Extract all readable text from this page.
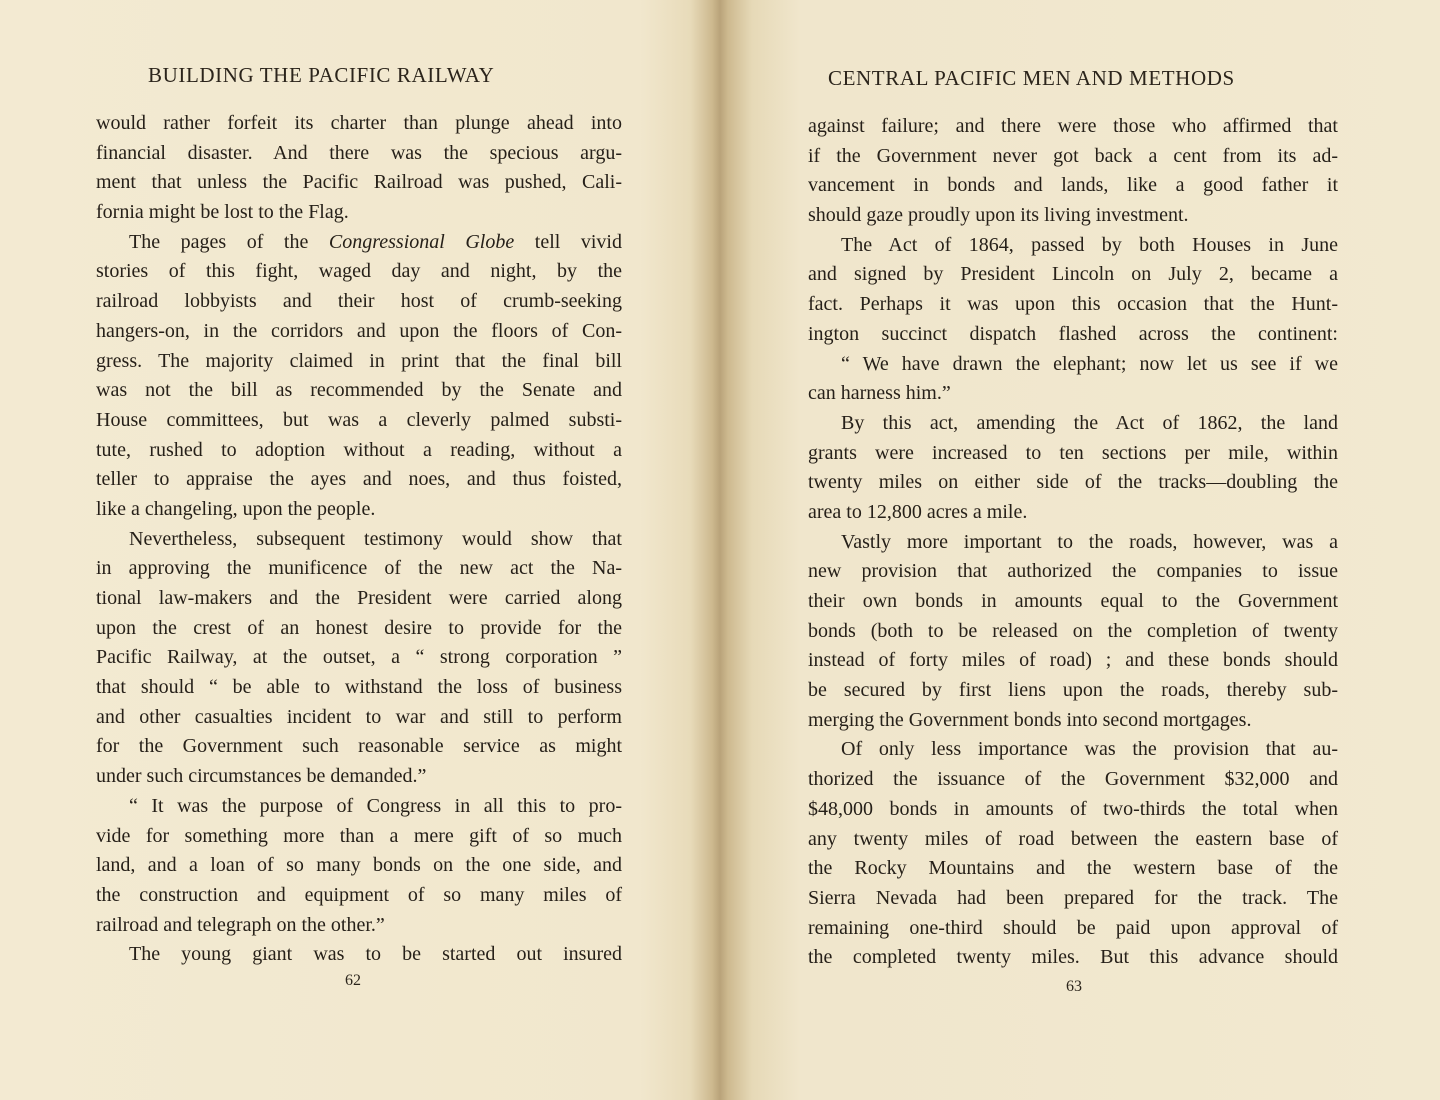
BUILDING THE PACIFIC RAILWAY
would rather forfeit its charter than plunge ahead into
financial disaster. And there was the specious argu-
ment that unless the Pacific Railroad was pushed, Cali-
fornia might be lost to the Flag.
The pages of the Congressional Globe tell vivid
stories of this fight, waged day and night, by the
railroad lobbyists and their host of crumb-seeking
hangers-on, in the corridors and upon the floors of Con-
gress. The majority claimed in print that the final bill
was not the bill as recommended by the Senate and
House committees, but was a cleverly palmed substi-
tute, rushed to adoption without a reading, without a
teller to appraise the ayes and noes, and thus foisted,
like a changeling, upon the people.
Nevertheless, subsequent testimony would show that
in approving the munificence of the new act the Na-
tional law-makers and the President were carried along
upon the crest of an honest desire to provide for the
Pacific Railway, at the outset, a “ strong corporation ”
that should “ be able to withstand the loss of business
and other casualties incident to war and still to perform
for the Government such reasonable service as might
under such circumstances be demanded.”
“ It was the purpose of Congress in all this to pro-
vide for something more than a mere gift of so much
land, and a loan of so many bonds on the one side, and
the construction and equipment of so many miles of
railroad and telegraph on the other.”
The young giant was to be started out insured
62
CENTRAL PACIFIC MEN AND METHODS
against failure; and there were those who affirmed that
if the Government never got back a cent from its ad-
vancement in bonds and lands, like a good father it
should gaze proudly upon its living investment.
The Act of 1864, passed by both Houses in June
and signed by President Lincoln on July 2, became a
fact. Perhaps it was upon this occasion that the Hunt-
ington succinct dispatch flashed across the continent:
“ We have drawn the elephant; now let us see if we
can harness him.”
By this act, amending the Act of 1862, the land
grants were increased to ten sections per mile, within
twenty miles on either side of the tracks—doubling the
area to 12,800 acres a mile.
Vastly more important to the roads, however, was a
new provision that authorized the companies to issue
their own bonds in amounts equal to the Government
bonds (both to be released on the completion of twenty
instead of forty miles of road) ; and these bonds should
be secured by first liens upon the roads, thereby sub-
merging the Government bonds into second mortgages.
Of only less importance was the provision that au-
thorized the issuance of the Government $32,000 and
$48,000 bonds in amounts of two-thirds the total when
any twenty miles of road between the eastern base of
the Rocky Mountains and the western base of the
Sierra Nevada had been prepared for the track. The
remaining one-third should be paid upon approval of
the completed twenty miles. But this advance should
63
